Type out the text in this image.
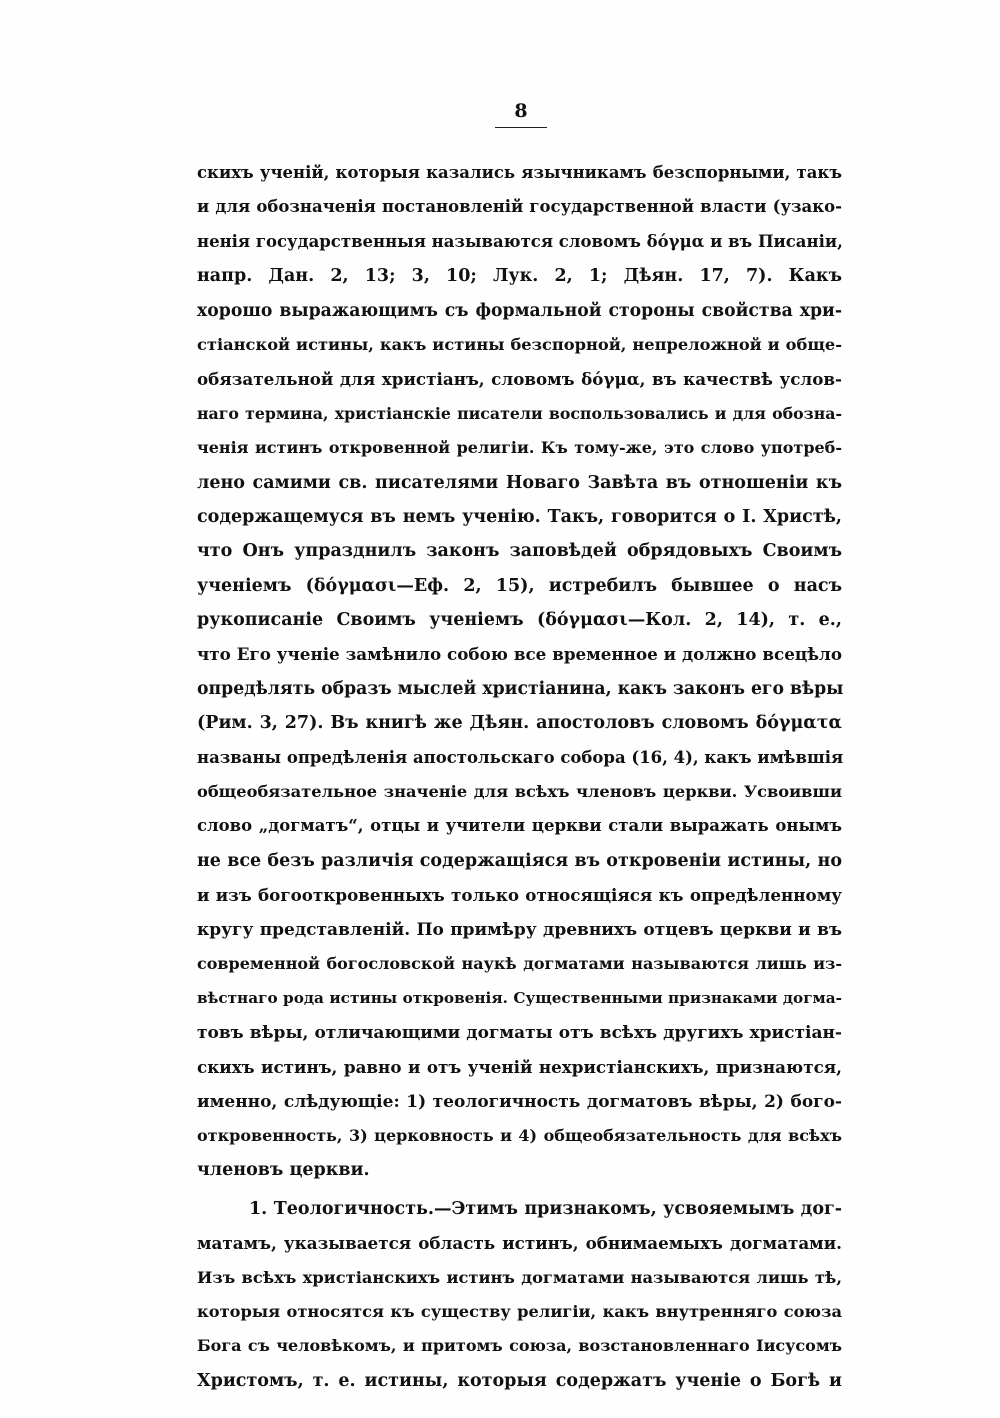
8
скихъ ученій, которыя казались язычникамъ безспорными, такъ
и для обозначенія постановленій государственной власти (узако-
ненія государственныя называются словомъ δόγμα и въ Писаніи,
напр. Дан. 2, 13; 3, 10; Лук. 2, 1; Дѣян. 17, 7). Какъ
хорошо выражающимъ съ формальной стороны свойства хри-
стіанской истины, какъ истины безспорной, непреложной и обще-
обязательной для христіанъ, словомъ δόγμα, въ качествѣ услов-
наго термина, христіанскіе писатели воспользовались и для обозна-
ченія истинъ откровенной религіи. Къ тому-же, это слово употреб-
лено самими св. писателями Новаго Завѣта въ отношеніи къ
содержащемуся въ немъ ученію. Такъ, говорится о І. Христѣ,
что Онъ упразднилъ законъ заповѣдей обрядовыхъ Своимъ
ученіемъ (δόγμασι—Еф. 2, 15), истребилъ бывшее о насъ
рукописаніе Своимъ ученіемъ (δόγμασι—Кол. 2, 14), т. е.,
что Его ученіе замѣнило собою все временное и должно всецѣло
опредѣлять образъ мыслей христіанина, какъ законъ его вѣры
(Рим. 3, 27). Въ книгѣ же Дѣян. апостоловъ словомъ δόγματα
названы опредѣленія апостольскаго собора (16, 4), какъ имѣвшія
общеобязательное значеніе для всѣхъ членовъ церкви. Усвоивши
слово „догматъ“, отцы и учители церкви стали выражать онымъ
не все безъ различія содержащіяся въ откровеніи истины, но
и изъ богооткровенныхъ только относящіяся къ опредѣленному
кругу представленій. По примѣру древнихъ отцевъ церкви и въ
современной богословской наукѣ догматами называются лишь из-
вѣстнаго рода истины откровенія. Существенными признаками догма-
товъ вѣры, отличающими догматы отъ всѣхъ другихъ христіан-
скихъ истинъ, равно и отъ ученій нехристіанскихъ, признаются,
именно, слѣдующіе: 1) теологичность догматовъ вѣры, 2) бого-
откровенность, 3) церковность и 4) общеобязательность для всѣхъ
членовъ церкви.
1. Теологичность.—Этимъ признакомъ, усвояемымъ дог-
матамъ, указывается область истинъ, обнимаемыхъ догматами.
Изъ всѣхъ христіанскихъ истинъ догматами называются лишь тѣ,
которыя относятся къ существу религіи, какъ внутренняго союза
Бога съ человѣкомъ, и притомъ союза, возстановленнаго Іисусомъ
Христомъ, т. е. истины, которыя содержатъ ученіе о Богѣ и
